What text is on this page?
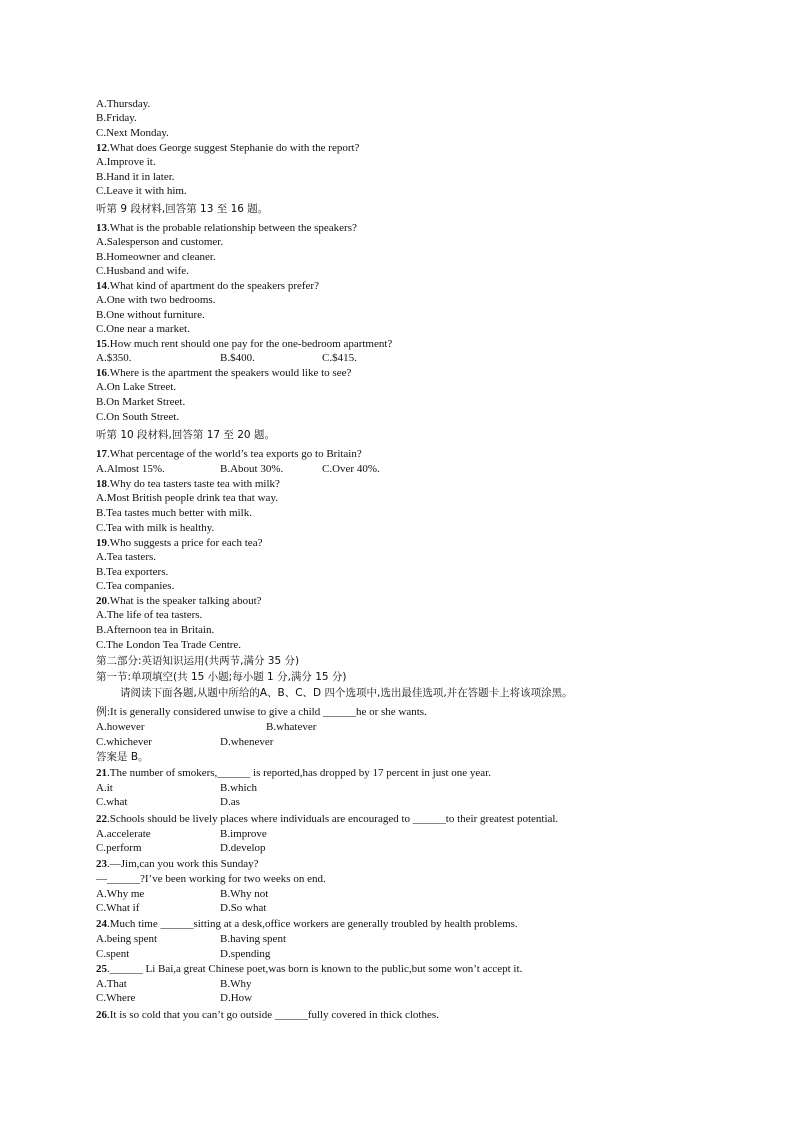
A.Thursday.
B.Friday.
C.Next Monday.
12.What does George suggest Stephanie do with the report?
A.Improve it.
B.Hand it in later.
C.Leave it with him.
听第 9 段材料,回答第 13 至 16 题。
13.What is the probable relationship between the speakers?
A.Salesperson and customer.
B.Homeowner and cleaner.
C.Husband and wife.
14.What kind of apartment do the speakers prefer?
A.One with two bedrooms.
B.One without furniture.
C.One near a market.
15.How much rent should one pay for the one-bedroom apartment?
A.$350.	B.$400.	C.$415.
16.Where is the apartment the speakers would like to see?
A.On Lake Street.
B.On Market Street.
C.On South Street.
听第 10 段材料,回答第 17 至 20 题。
17.What percentage of the world’s tea exports go to Britain?
A.Almost 15%.	B.About 30%.	C.Over 40%.
18.Why do tea tasters taste tea with milk?
A.Most British people drink tea that way.
B.Tea tastes much better with milk.
C.Tea with milk is healthy.
19.Who suggests a price for each tea?
A.Tea tasters.
B.Tea exporters.
C.Tea companies.
20.What is the speaker talking about?
A.The life of tea tasters.
B.Afternoon tea in Britain.
C.The London Tea Trade Centre.
第二部分:英语知识运用(共两节,满分 35 分)
第一节:单项填空(共 15 小题;每小题 1 分,满分 15 分)
请阅读下面各题,从题中所给的A、B、C、D 四个选项中,选出最佳选项,并在答题卡上将该项涂黑。
例:It is generally considered unwise to give a child ______he or she wants.
A.however	B.whatever
C.whichever	D.whenever
答案是 B。
21.The number of smokers,______ is reported,has dropped by 17 percent in just one year.
A.it	B.which
C.what	D.as
22.Schools should be lively places where individuals are encouraged to ______to their greatest potential.
A.accelerate	B.improve
C.perform	D.develop
23.—Jim,can you work this Sunday?
—______?I’ve been working for two weeks on end.
A.Why me	B.Why not
C.What if	D.So what
24.Much time ______sitting at a desk,office workers are generally troubled by health problems.
A.being spent	B.having spent
C.spent	D.spending
25.______ Li Bai,a great Chinese poet,was born is known to the public,but some won’t accept it.
A.That	B.Why
C.Where	D.How
26.It is so cold that you can’t go outside ______fully covered in thick clothes.
